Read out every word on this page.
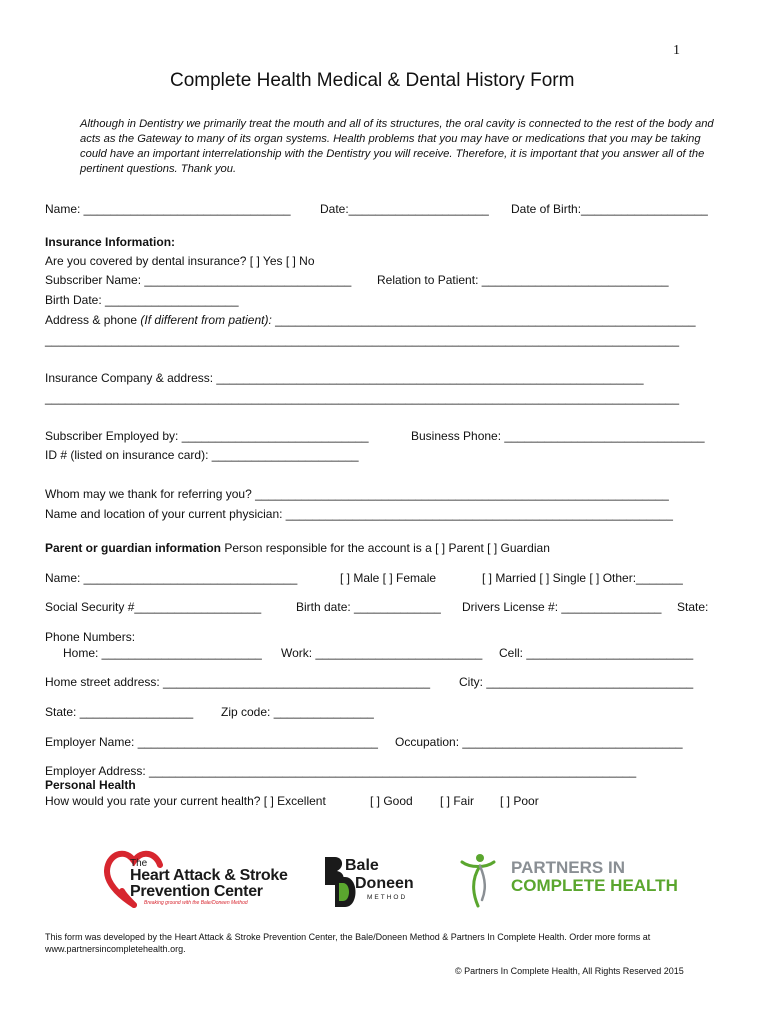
1
Complete Health Medical & Dental History Form
Although in Dentistry we primarily treat the mouth and all of its structures, the oral cavity is connected to the rest of the body and acts as the Gateway to many of its organ systems. Health problems that you may have or medications that you may be taking could have an important interrelationship with the Dentistry you will receive. Therefore, it is important that you answer all of the pertinent questions. Thank you.
Name: _______________________________ Date:_____________________ Date of Birth:___________________
Insurance Information:
Are you covered by dental insurance? [ ] Yes [ ] No
Subscriber Name: _______________________________ Relation to Patient: ____________________________
Birth Date: ____________________
Address & phone (If different from patient): _______________________________________________________________
_______________________________________________________________________________________________
Insurance Company & address: ________________________________________________________________
_______________________________________________________________________________________________
Subscriber Employed by: ____________________________	Business Phone: ______________________________
ID # (listed on insurance card): ______________________
Whom may we thank for referring you? ______________________________________________________________
Name and location of your current physician: __________________________________________________________
Parent or guardian information Person responsible for the account is a [ ] Parent [ ] Guardian
Name: ________________________________	[ ] Male [ ] Female	[ ] Married [ ] Single [ ] Other:_______
Social Security #___________________	Birth date: _____________ Drivers License #: _______________ State:
Phone Numbers:
Home: ________________________ Work: _________________________ Cell: _________________________
Home street address: ________________________________________ City: _______________________________
State: _________________ Zip code: _______________
Employer Name: ____________________________________ Occupation: _________________________________
Employer Address: _________________________________________________________________________
Personal Health
How would you rate your current health? [ ] Excellent	[ ] Good [ ] Fair [ ] Poor
The
Heart Attack & Stroke
Prevention Center
Breaking ground with the Bale/Doneen Method
Bale
Doneen
METHOD
PARTNERS IN
COMPLETE HEALTH
This form was developed by the Heart Attack & Stroke Prevention Center, the Bale/Doneen Method & Partners In Complete Health. Order more forms at www.partnersincompletehealth.org.
© Partners In Complete Health, All Rights Reserved 2015
